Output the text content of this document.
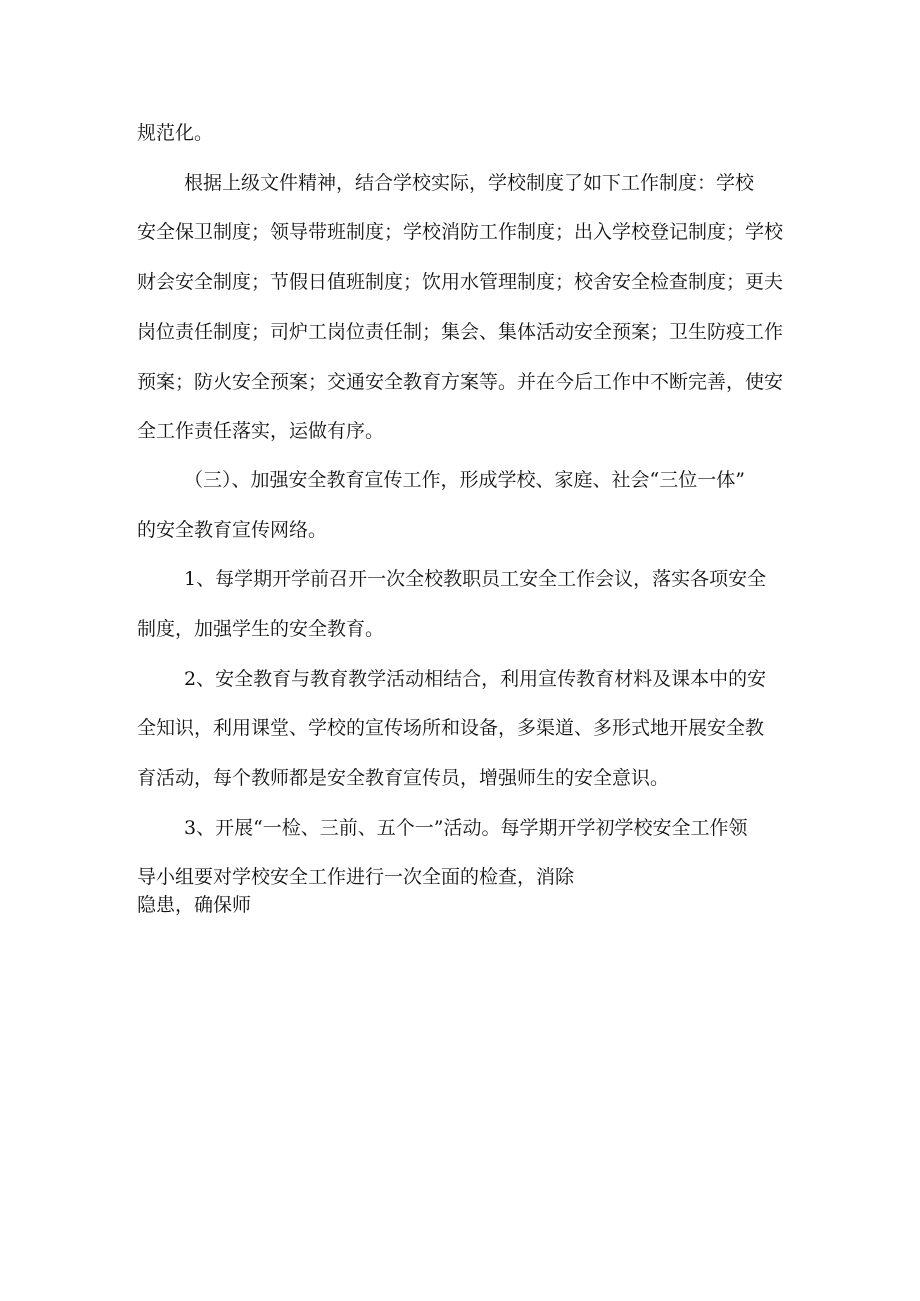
规范化。

根据上级文件精神，结合学校实际，学校制度了如下工作制度：学校

安全保卫制度；领导带班制度；学校消防工作制度；出入学校登记制度；学校

财会安全制度；节假日值班制度；饮用水管理制度；校舍安全检查制度；更夫

岗位责任制度；司炉工岗位责任制；集会、集体活动安全预案；卫生防疫工作

预案；防火安全预案；交通安全教育方案等。并在今后工作中不断完善，使安

全工作责任落实，运做有序。

（三）、加强安全教育宣传工作，形成学校、家庭、社会“三位一体”

的安全教育宣传网络。

1、每学期开学前召开一次全校教职员工安全工作会议，落实各项安全

制度，加强学生的安全教育。

2、安全教育与教育教学活动相结合，利用宣传教育材料及课本中的安

全知识，利用课堂、学校的宣传场所和设备，多渠道、多形式地开展安全教

育活动，每个教师都是安全教育宣传员，增强师生的安全意识。

3、开展“一检、三前、五个一”活动。每学期开学初学校安全工作领

导小组要对学校安全工作进行一次全面的检查，消除

隐患，确保师
